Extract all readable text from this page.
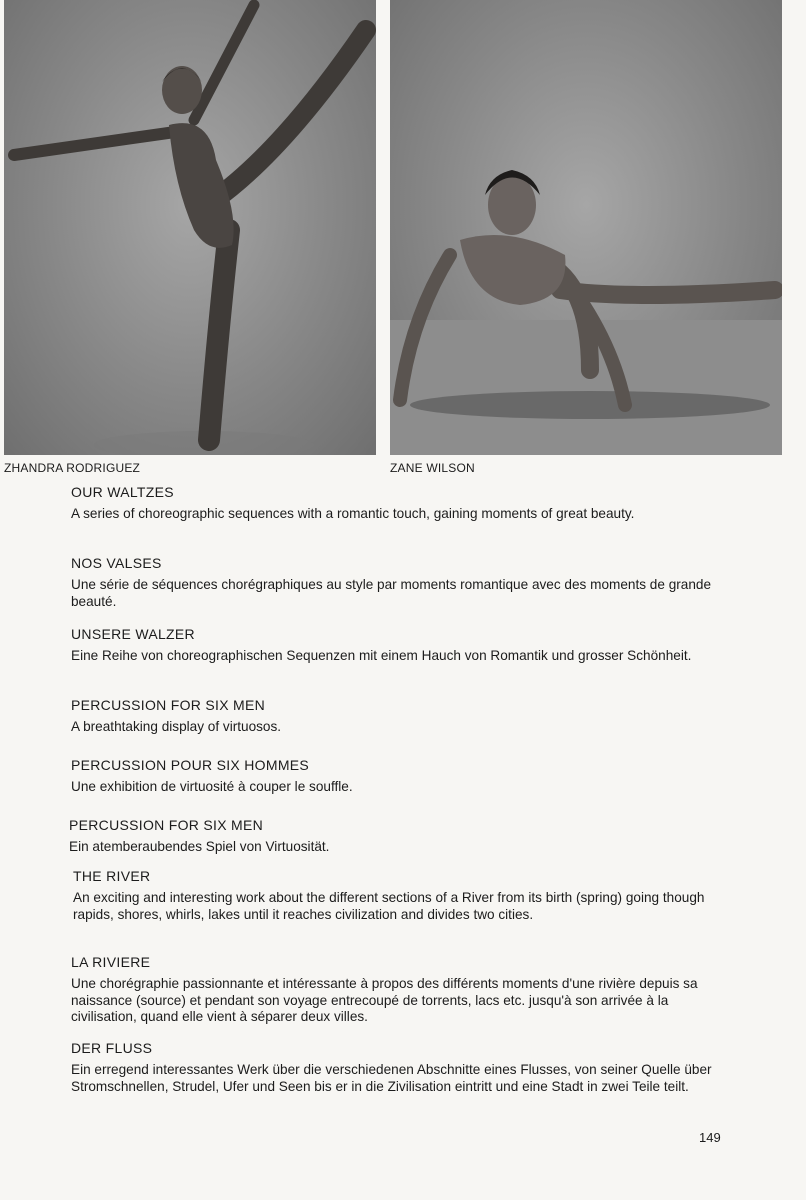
ZHANDRA RODRIGUEZ	ZANE WILSON
OUR WALTZES

A series of choreographic sequences with a romantic touch, gaining moments of great beauty.

NOS VALSES

Une série de séquences chorégraphiques au style par moments romantique avec des moments de grande beauté.

UNSERE WALZER

Eine Reihe von choreographischen Sequenzen mit einem Hauch von Romantik und grosser Schönheit.

PERCUSSION FOR SIX MEN

A breathtaking display of virtuosos.

PERCUSSION POUR SIX HOMMES

Une exhibition de virtuosité à couper le souffle.

PERCUSSION FOR SIX MEN

Ein atemberaubendes Spiel von Virtuosität.

THE RIVER

An exciting and interesting work about the different sections of a River from its birth (spring) going though rapids, shores, whirls, lakes until it reaches civilization and divides two cities.

LA RIVIERE

Une chorégraphie passionnante et intéressante à propos des différents moments d'une rivière depuis sa naissance (source) et pendant son voyage entrecoupé de torrents, lacs etc. jusqu'à son arrivée à la civilisation, quand elle vient à séparer deux villes.

DER FLUSS

Ein erregend interessantes Werk über die verschiedenen Abschnitte eines Flusses, von seiner Quelle über Stromschnellen, Strudel, Ufer und Seen bis er in die Zivilisation eintritt und eine Stadt in zwei Teile teilt.

149
